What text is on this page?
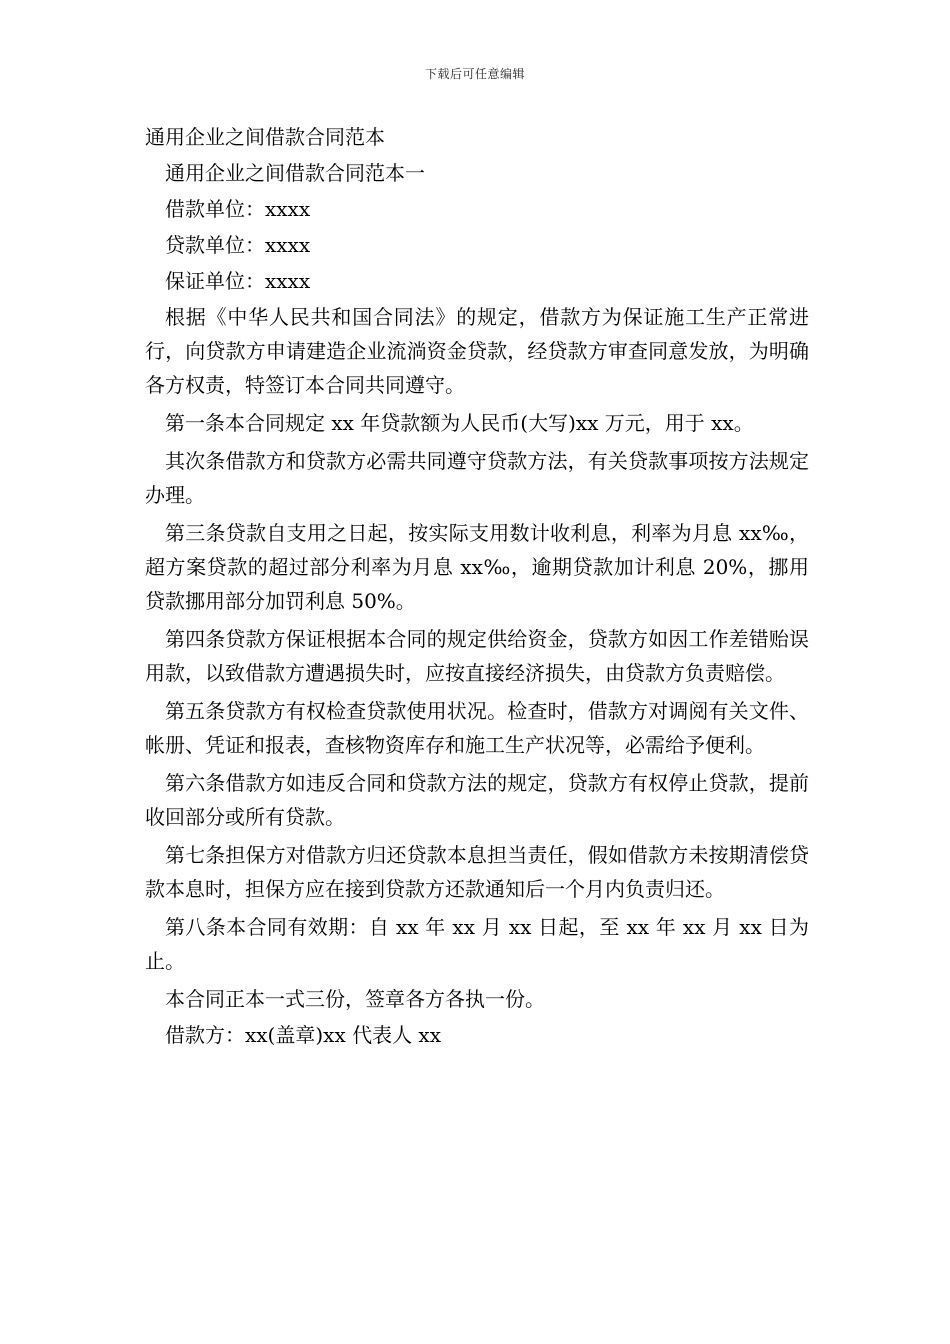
下载后可任意编辑
通用企业之间借款合同范本
通用企业之间借款合同范本一
借款单位：xxxx
贷款单位：xxxx
保证单位：xxxx
根据《中华人民共和国合同法》的规定，借款方为保证施工生产正常进行，向贷款方申请建造企业流淌资金贷款，经贷款方审查同意发放，为明确各方权责，特签订本合同共同遵守。
第一条本合同规定 xx 年贷款额为人民币(大写)xx 万元，用于 xx。
其次条借款方和贷款方必需共同遵守贷款方法，有关贷款事项按方法规定办理。
第三条贷款自支用之日起，按实际支用数计收利息，利率为月息 xx‰，超方案贷款的超过部分利率为月息 xx‰，逾期贷款加计利息 20%，挪用贷款挪用部分加罚利息 50%。
第四条贷款方保证根据本合同的规定供给资金，贷款方如因工作差错贻误用款，以致借款方遭遇损失时，应按直接经济损失，由贷款方负责赔偿。
第五条贷款方有权检查贷款使用状况。检查时，借款方对调阅有关文件、帐册、凭证和报表，查核物资库存和施工生产状况等，必需给予便利。
第六条借款方如违反合同和贷款方法的规定，贷款方有权停止贷款，提前收回部分或所有贷款。
第七条担保方对借款方归还贷款本息担当责任，假如借款方未按期清偿贷款本息时，担保方应在接到贷款方还款通知后一个月内负责归还。
第八条本合同有效期：自 xx 年 xx 月 xx 日起，至 xx 年 xx 月 xx 日为止。
本合同正本一式三份，签章各方各执一份。
借款方：xx(盖章)xx 代表人 xx
